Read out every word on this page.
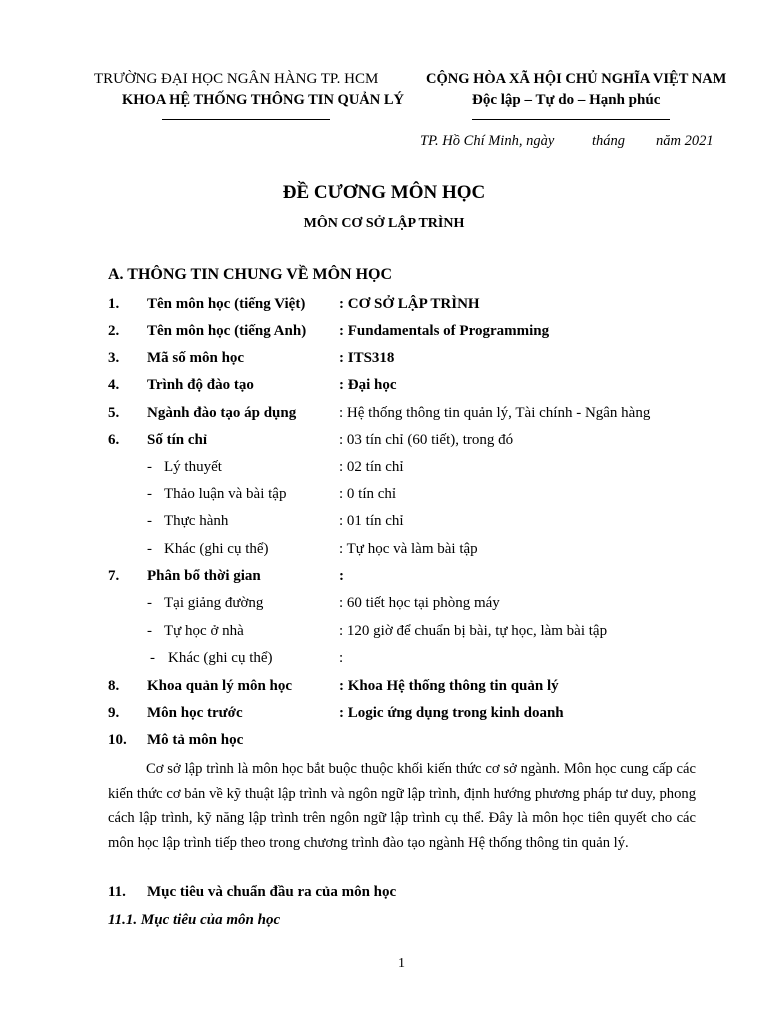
TRƯỜNG ĐẠI HỌC NGÂN HÀNG TP. HCM
KHOA HỆ THỐNG THÔNG TIN QUẢN LÝ
CỘNG HÒA XÃ HỘI CHỦ NGHĨA VIỆT NAM
Độc lập – Tự do – Hạnh phúc
TP. Hồ Chí Minh, ngày	tháng năm 2021
ĐỀ CƯƠNG MÔN HỌC
MÔN CƠ SỞ LẬP TRÌNH
A. THÔNG TIN CHUNG VỀ MÔN HỌC
1. Tên môn học (tiếng Việt) : CƠ SỞ LẬP TRÌNH
2. Tên môn học (tiếng Anh) : Fundamentals of Programming
3. Mã số môn học	: ITS318
4. Trình độ đào tạo	: Đại học
5. Ngành đào tạo áp dụng	: Hệ thống thông tin quản lý, Tài chính - Ngân hàng
6. Số tín chỉ	: 03 tín chỉ (60 tiết), trong đó
- Lý thuyết	: 02 tín chỉ
- Thảo luận và bài tập	: 0 tín chỉ
- Thực hành	: 01 tín chỉ
- Khác (ghi cụ thể)	: Tự học và làm bài tập
7. Phân bổ thời gian	:
- Tại giảng đường	: 60 tiết học tại phòng máy
- Tự học ở nhà	: 120 giờ để chuẩn bị bài, tự học, làm bài tập
- Khác (ghi cụ thể)	:
8. Khoa quản lý môn học	: Khoa Hệ thống thông tin quản lý
9. Môn học trước	: Logic ứng dụng trong kinh doanh
10. Mô tả môn học
Cơ sở lập trình là môn học bắt buộc thuộc khối kiến thức cơ sở ngành. Môn học cung cấp các kiến thức cơ bản về kỹ thuật lập trình và ngôn ngữ lập trình, định hướng phương pháp tư duy, phong cách lập trình, kỹ năng lập trình trên ngôn ngữ lập trình cụ thể. Đây là môn học tiên quyết cho các môn học lập trình tiếp theo trong chương trình đào tạo ngành Hệ thống thông tin quản lý.
11. Mục tiêu và chuẩn đầu ra của môn học
11.1. Mục tiêu của môn học
1
